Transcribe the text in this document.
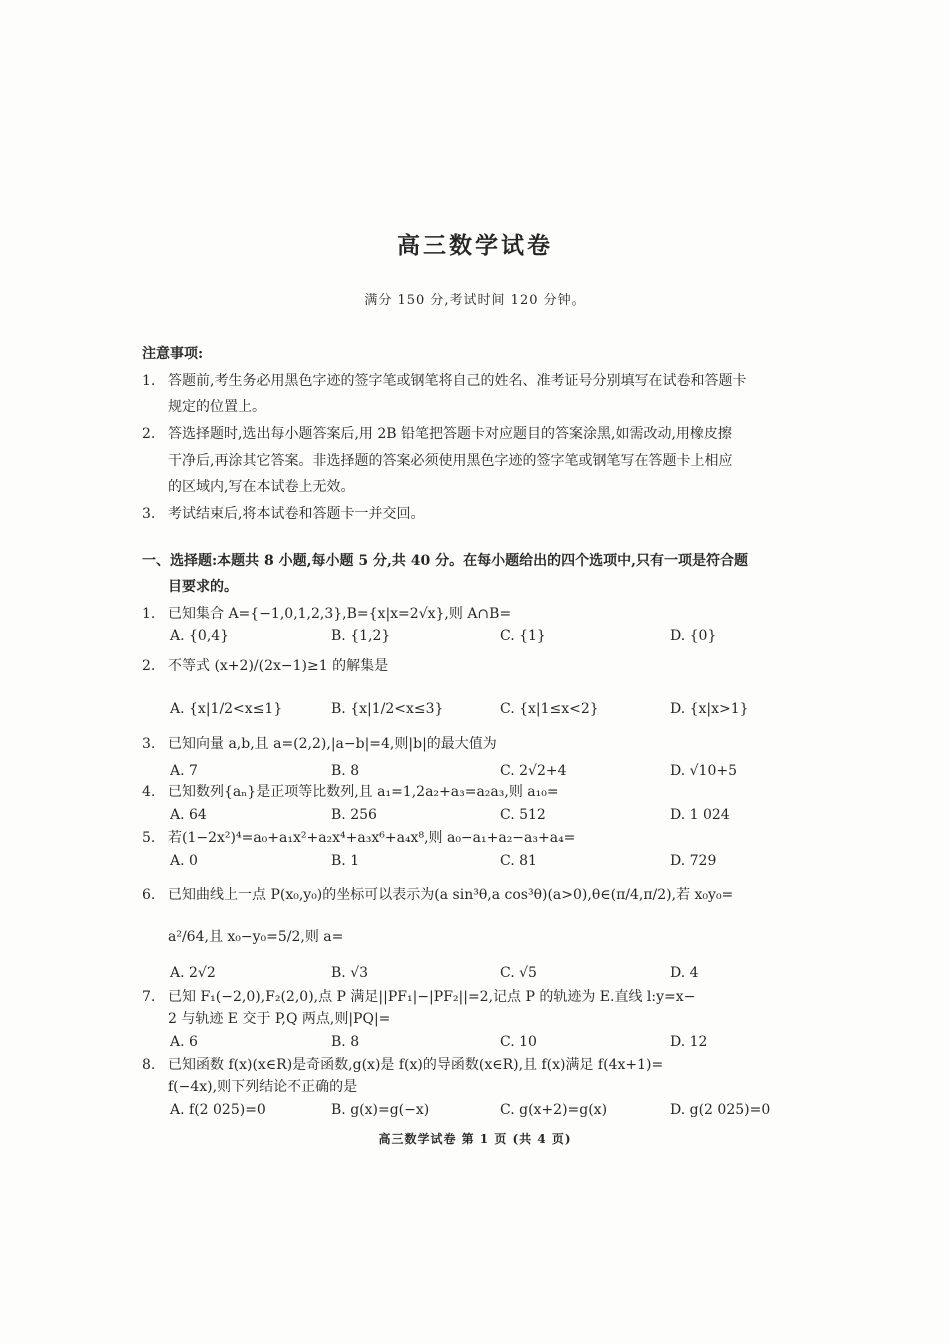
高三数学试卷
满分 150 分,考试时间 120 分钟。
注意事项:
1. 答题前,考生务必用黑色字迹的签字笔或钢笔将自己的姓名、准考证号分别填写在试卷和答题卡
规定的位置上。
2. 答选择题时,选出每小题答案后,用 2B 铅笔把答题卡对应题目的答案涂黑,如需改动,用橡皮擦
干净后,再涂其它答案。非选择题的答案必须使用黑色字迹的签字笔或钢笔写在答题卡上相应
的区域内,写在本试卷上无效。
3. 考试结束后,将本试卷和答题卡一并交回。
一、选择题:本题共 8 小题,每小题 5 分,共 40 分。在每小题给出的四个选项中,只有一项是符合题
目要求的。
1. 已知集合 A={−1,0,1,2,3},B={x|x=2√x},则 A∩B=
A. {0,4}	B. {1,2}	C. {1}	D. {0}
2. 不等式 (x+2)/(2x−1)≥1 的解集是
A. {x|1/2<x≤1}	B. {x|1/2<x≤3}	C. {x|1≤x<2}	D. {x|x>1}
3. 已知向量 a,b,且 a=(2,2),|a−b|=4,则|b|的最大值为
A. 7	B. 8	C. 2√2+4	D. √10+5
4. 已知数列{aₙ}是正项等比数列,且 a₁=1,2a₂+a₃=a₂a₃,则 a₁₀=
A. 64	B. 256	C. 512	D. 1 024
5. 若(1−2x²)⁴=a₀+a₁x²+a₂x⁴+a₃x⁶+a₄x⁸,则 a₀−a₁+a₂−a₃+a₄=
A. 0	B. 1	C. 81	D. 729
6. 已知曲线上一点 P(x₀,y₀)的坐标可以表示为(a sin³θ,a cos³θ)(a>0),θ∈(π/4,π/2),若 x₀y₀=
a²/64,且 x₀−y₀=5/2,则 a=
A. 2√2	B. √3	C. √5	D. 4
7. 已知 F₁(−2,0),F₂(2,0),点 P 满足||PF₁|−|PF₂||=2,记点 P 的轨迹为 E.直线 l:y=x−
2 与轨迹 E 交于 P,Q 两点,则|PQ|=
A. 6	B. 8	C. 10	D. 12
8. 已知函数 f(x)(x∈R)是奇函数,g(x)是 f(x)的导函数(x∈R),且 f(x)满足 f(4x+1)=
f(−4x),则下列结论不正确的是
A. f(2 025)=0	B. g(x)=g(−x)	C. g(x+2)=g(x)	D. g(2 025)=0
高三数学试卷 第 1 页 (共 4 页)
